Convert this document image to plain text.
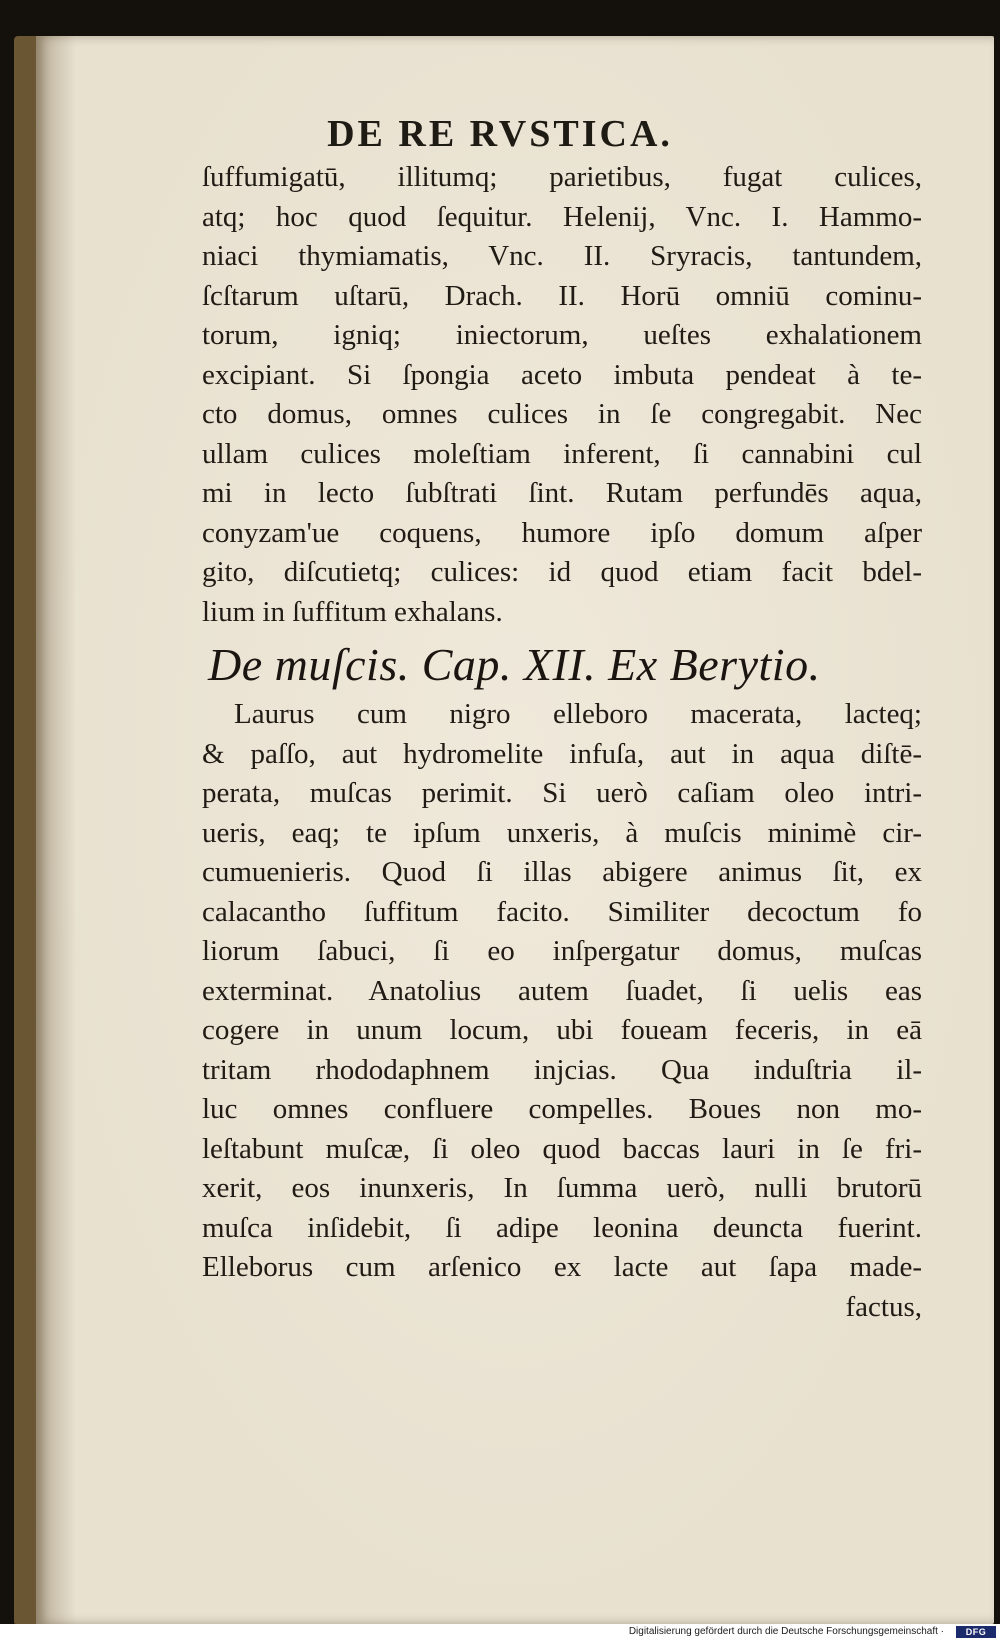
DE RE RVSTICA.
ſuffumigatū, illitumq; parietibus, fugat culices,
atq; hoc quod ſequitur. Helenij, Vnc. I. Hammo-
niaci thymiamatis, Vnc. II. Sryracis, tantundem,
ſcſtarum uſtarū, Drach. II. Horū omniū cominu-
torum, igniq; iniectorum, ueſtes exhalationem
excipiant. Si ſpongia aceto imbuta pendeat à te-
cto domus, omnes culices in ſe congregabit. Nec
ullam culices moleſtiam inferent, ſi cannabini cul
mi in lecto ſubſtrati ſint. Rutam perfundēs aqua,
conyzam'ue coquens, humore ipſo domum aſper
gito, diſcutietq; culices: id quod etiam facit bdel-
lium in ſuffitum exhalans.
De muſcis. Cap. XII. Ex Berytio.
Laurus cum nigro elleboro macerata, lacteq;
& paſſo, aut hydromelite infuſa, aut in aqua diſtē-
perata, muſcas perimit. Si uerò caſiam oleo intri-
ueris, eaq; te ipſum unxeris, à muſcis minimè cir-
cumuenieris. Quod ſi illas abigere animus ſit, ex
calacantho ſuffitum facito. Similiter decoctum fo
liorum ſabuci, ſi eo inſpergatur domus, muſcas
exterminat. Anatolius autem ſuadet, ſi uelis eas
cogere in unum locum, ubi foueam feceris, in eā
tritam rhododaphnem injcias. Qua induſtria il-
luc omnes confluere compelles. Boues non mo-
leſtabunt muſcæ, ſi oleo quod baccas lauri in ſe fri-
xerit, eos inunxeris, In ſumma uerò, nulli brutorū
muſca inſidebit, ſi adipe leonina deuncta fuerint.
Elleborus cum arſenico ex lacte aut ſapa made-
factus,
Digitalisierung gefördert durch die Deutsche Forschungsgemeinschaft ·	DFG
